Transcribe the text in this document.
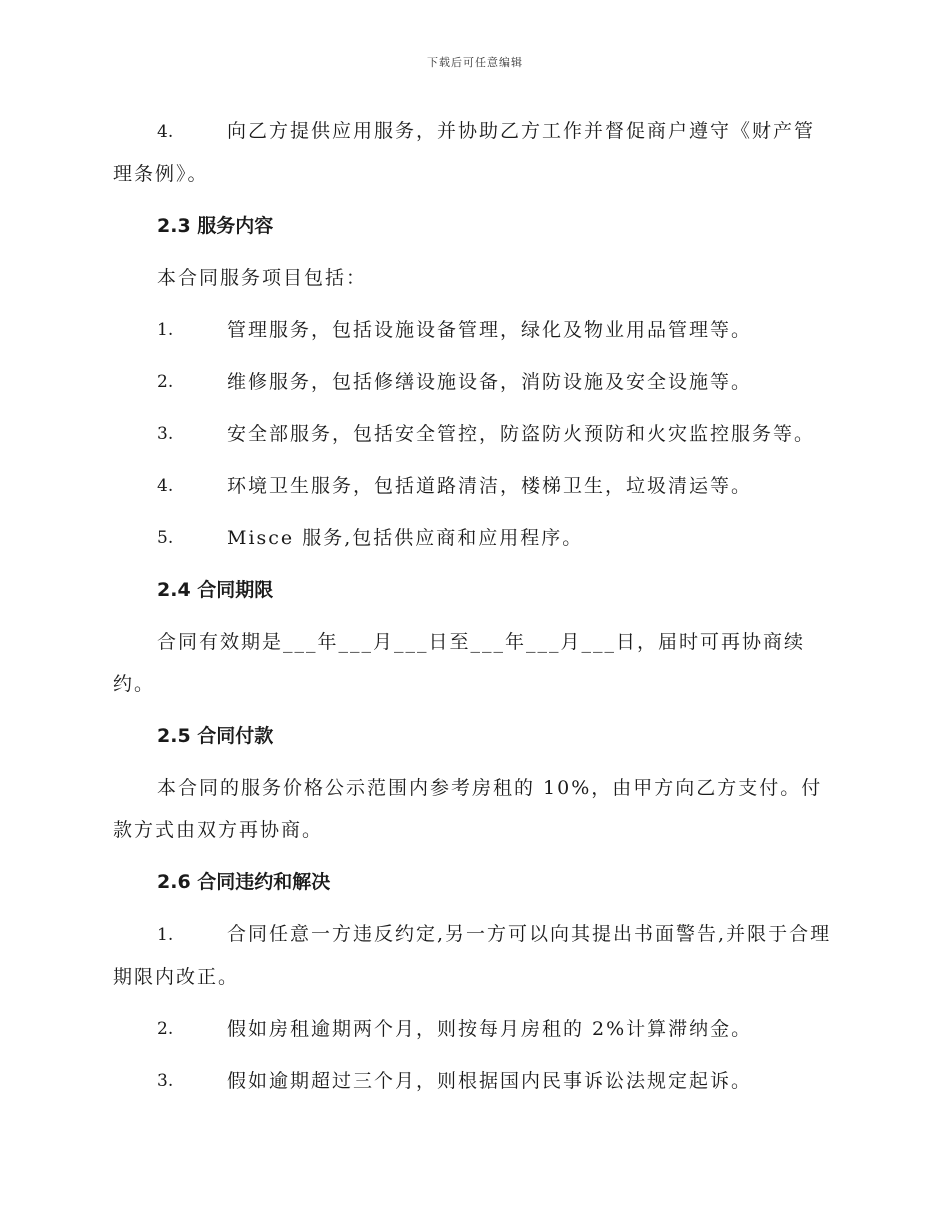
下载后可任意编辑

4.	向乙方提供应用服务，并协助乙方工作并督促商户遵守《财产管理条例》。

2.3 服务内容

本合同服务项目包括：

1.	管理服务，包括设施设备管理，绿化及物业用品管理等。

2.	维修服务，包括修缮设施设备，消防设施及安全设施等。

3.	安全部服务，包括安全管控，防盗防火预防和火灾监控服务等。

4.	环境卫生服务，包括道路清洁，楼梯卫生，垃圾清运等。

5.	Misce 服务,包括供应商和应用程序。

2.4 合同期限

合同有效期是___年___月___日至___年___月___日，届时可再协商续约。

2.5 合同付款

本合同的服务价格公示范围内参考房租的 10%，由甲方向乙方支付。付款方式由双方再协商。

2.6 合同违约和解决

1.	合同任意一方违反约定,另一方可以向其提出书面警告,并限于合理期限内改正。

2.	假如房租逾期两个月，则按每月房租的 2%计算滞纳金。

3.	假如逾期超过三个月，则根据国内民事诉讼法规定起诉。
